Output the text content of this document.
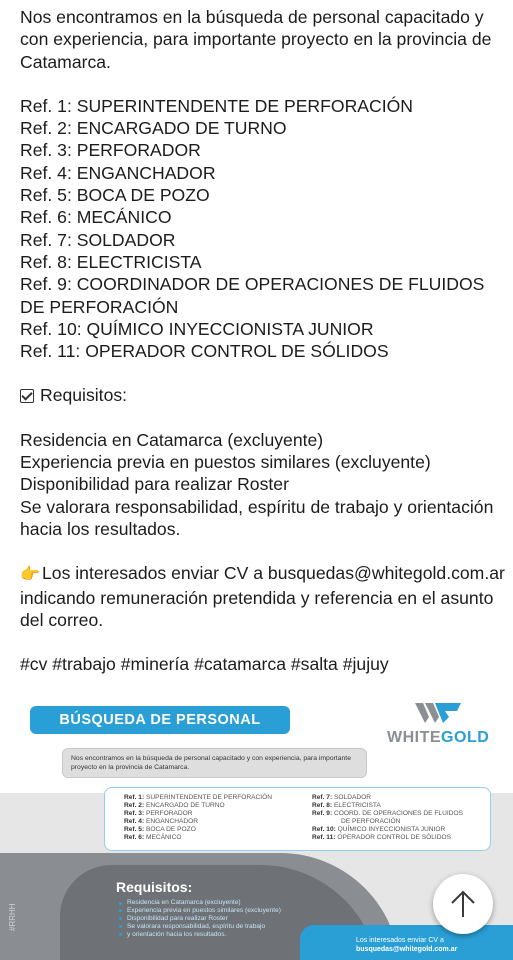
Nos encontramos en la búsqueda de personal capacitado y con experiencia, para importante proyecto en la provincia de Catamarca.

Ref. 1: SUPERINTENDENTE DE PERFORACIÓN

Ref. 2: ENCARGADO DE TURNO

Ref. 3: PERFORADOR

Ref. 4: ENGANCHADOR

Ref. 5: BOCA DE POZO

Ref. 6: MECÁNICO

Ref. 7: SOLDADOR

Ref. 8: ELECTRICISTA

Ref. 9: COORDINADOR DE OPERACIONES DE FLUIDOS DE PERFORACIÓN

Ref. 10: QUÍMICO INYECCIONISTA JUNIOR

Ref. 11: OPERADOR CONTROL DE SÓLIDOS

Requisitos:

Residencia en Catamarca (excluyente)

Experiencia previa en puestos similares (excluyente)

Disponibilidad para realizar Roster

Se valorara responsabilidad, espíritu de trabajo y orientación hacia los resultados.

👉 Los interesados enviar CV a busquedas@whitegold.com.ar indicando remuneración pretendida y referencia en el asunto del correo.

#cv #trabajo #minería #catamarca #salta #jujuy

BÚSQUEDA DE PERSONAL
WHITEGOLD
Nos encontramos en la búsqueda de personal capacitado y con experiencia, para importante proyecto en la provincia de Catamarca.
Ref. 1: SUPERINTENDENTE DE PERFORACIÓN
Ref. 2: ENCARGADO DE TURNO
Ref. 3: PERFORADOR
Ref. 4: ENGANCHADOR
Ref. 5: BOCA DE POZO
Ref. 6: MECÁNICO
Ref. 7: SOLDADOR
Ref. 8: ELECTRICISTA
Ref. 9: COORD. DE OPERACIONES DE FLUIDOS
DE PERFORACIÓN
Ref. 10: QUÍMICO INYECCIONISTA JUNIOR
Ref. 11: OPERADOR CONTROL DE SÓLIDOS
Requisitos:
Residencia en Catamarca (excluyente)
Experiencia previa en puestos similares (excluyente)
Disponibilidad para realizar Roster
Se valorara responsabilidad, espíritu de trabajo
y orientación hacia los resultados.
#RRHH
Los interesados enviar CV a
busquedas@whitegold.com.ar
